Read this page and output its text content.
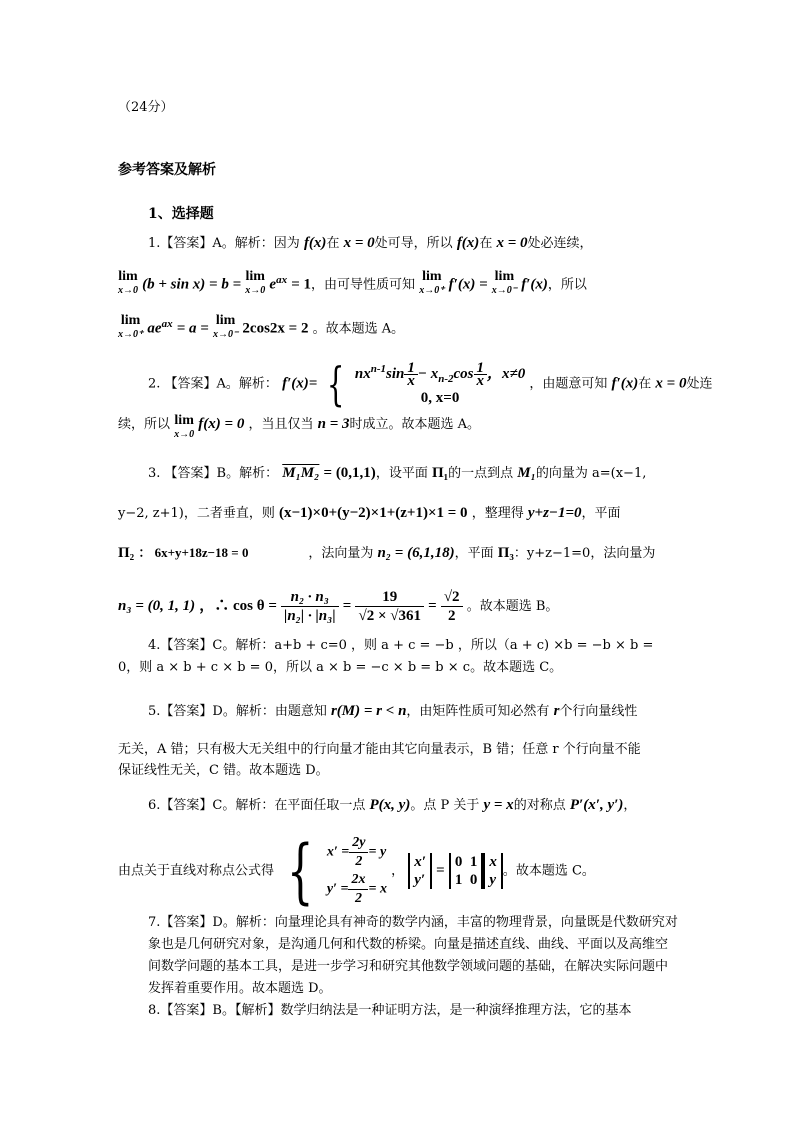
（24分）
参考答案及解析
1、选择题
1.【答案】A。解析：因为 f(x)在 x = 0处可导，所以 f(x)在 x = 0处必连续，
lim
x→0 (b + sin x) = b = lim
x→0 $e^{ax} = 1$，由可导性质可知
lim
x→0⁺ f′(x) = lim
x→0⁻ f′(x)，所以
lim
x→0⁺ $ae^{ax} = a = \lim$
x→0⁻ 2cos2x = 2 。故本题选 A。
2. 【答案】A。解析： f′(x)= { $nx^{n-1}\sin \frac{1}{x} - x_{n-2}\cos \frac{1}{x}$ ，x≠0
0, x=0
，由题意可知 f′(x)在 x = 0处连
续，所以 lim
x→0
f(x) = 0 ，当且仅当 n = 3时成立。故本题选 A。
3. 【答案】B。解析： M₁M₂ = (0,1,1)，设平面 Π₁的一点到点 M₁的向量为 a=(x−1,
y−2, z+1)，二者垂直，则 (x−1)×0+(y−2)×1+(z+1)×1 = 0 ，整理得 y+z−1=0，平面
Π₂ ： 6x+y+18z−18 = 0	，法向量为 n₂ = (6,1,18)，平面 Π₃：y+z−1=0，法向量为
n₃ = (0, 1, 1) ，∴ $\cos \theta = \frac{\text{n₂ · n₃}}{\text{|n₂| · |n₃|}} = \frac{19}{√2 \times √361} = \frac{√2}{2}$ 。故本题选 B。
4.【答案】C。解析：a+b + c=0 ，则 a + c = −b ，所以（a + c) ×b = −b × b =
0，则 a × b + c × b = 0，所以 a × b = −c × b = b × c。故本题选 C。
5.【答案】D。解析：由题意知 r(M) = r < n，由矩阵性质可知必然有 r个行向量线性
无关，A 错；只有极大无关组中的行向量才能由其它向量表示，B 错；任意 r 个行向量不能
保证线性无关，C 错。故本题选 D。
6.【答案】C。解析：在平面任取一点 P(x, y)。点 P 关于 y = x的对称点 P′(x′, y′)，
由点关于直线对称点公式得 { $x' = \frac{2y}{2} = y$
$y' = \frac{2x}{2} = x$
，
x′
y′
=
0  1
1  0
x
y
。故本题选 C。
7.【答案】D。解析：向量理论具有神奇的数学内涵，丰富的物理背景，向量既是代数研究对象也是几何研究对象，是沟通几何和代数的桥梁。向量是描述直线、曲线、平面以及高维空间数学问题的基本工具，是进一步学习和研究其他数学领域问题的基础，在解决实际问题中发挥着重要作用。故本题选 D。
8.【答案】B。【解析】数学归纳法是一种证明方法，是一种演绎推理方法，它的基本
